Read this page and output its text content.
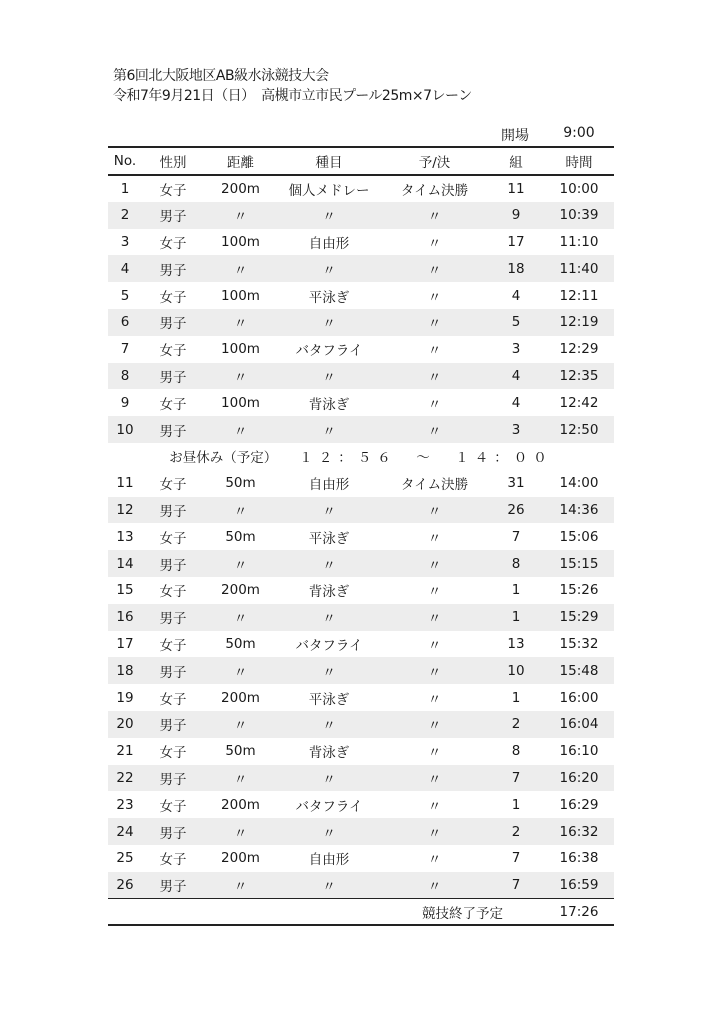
第6回北大阪地区AB級水泳競技大会
令和7年9月21日（日）　高槻市立市民プール25m×7レーン
開場	9:00
No.	性別	距離	種目	予/決	組	時間
1	女子	200m	個人メドレー	タイム決勝	11	10:00
2	男子	〃	〃	〃	9	10:39
3	女子	100m	自由形	〃	17	11:10
4	男子	〃	〃	〃	18	11:40
5	女子	100m	平泳ぎ	〃	4	12:11
6	男子	〃	〃	〃	5	12:19
7	女子	100m	バタフライ	〃	3	12:29
8	男子	〃	〃	〃	4	12:35
9	女子	100m	背泳ぎ	〃	4	12:42
10	男子	〃	〃	〃	3	12:50
お昼休み（予定） １２：５６　～　１４：００						
11	女子	50m	自由形	タイム決勝	31	14:00
12	男子	〃	〃	〃	26	14:36
13	女子	50m	平泳ぎ	〃	7	15:06
14	男子	〃	〃	〃	8	15:15
15	女子	200m	背泳ぎ	〃	1	15:26
16	男子	〃	〃	〃	1	15:29
17	女子	50m	バタフライ	〃	13	15:32
18	男子	〃	〃	〃	10	15:48
19	女子	200m	平泳ぎ	〃	1	16:00
20	男子	〃	〃	〃	2	16:04
21	女子	50m	背泳ぎ	〃	8	16:10
22	男子	〃	〃	〃	7	16:20
23	女子	200m	バタフライ	〃	1	16:29
24	男子	〃	〃	〃	2	16:32
25	女子	200m	自由形	〃	7	16:38
26	男子	〃	〃	〃	7	16:59
				競技終了予定		17:26
